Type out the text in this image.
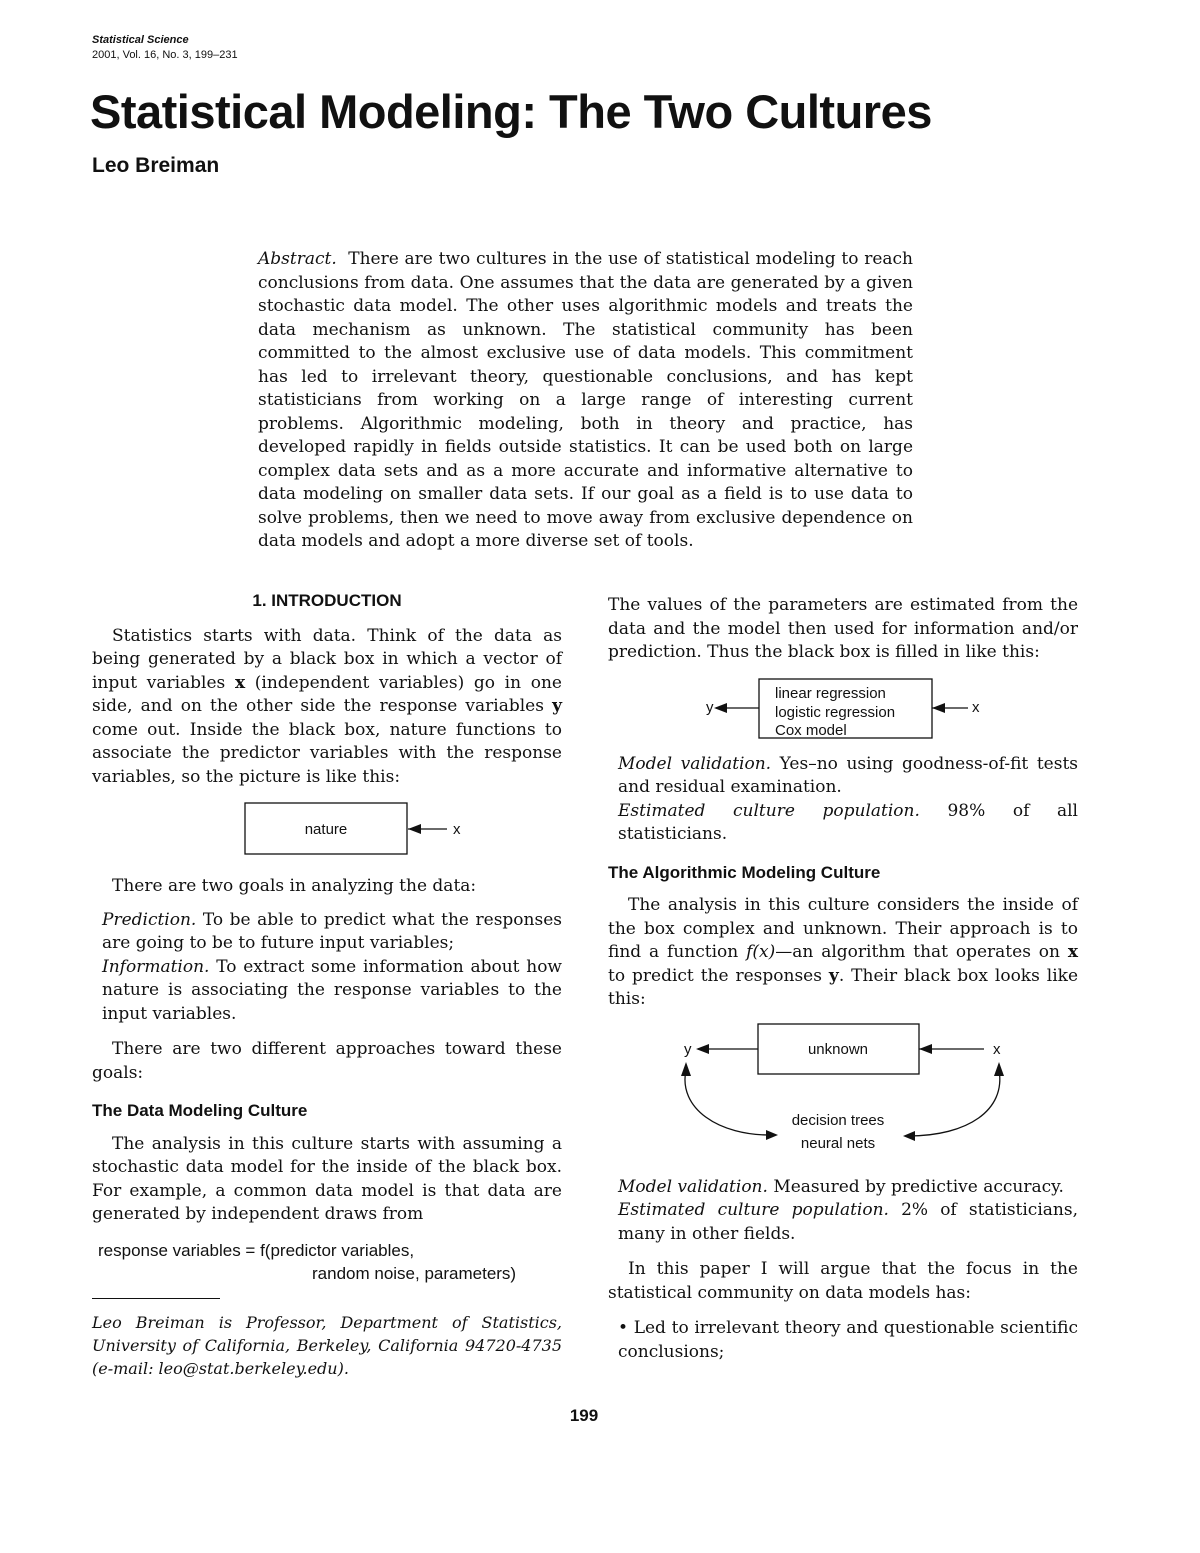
Statistical Science
2001, Vol. 16, No. 3, 199–231
Statistical Modeling: The Two Cultures
Leo Breiman
Abstract. There are two cultures in the use of statistical modeling to reach conclusions from data. One assumes that the data are generated by a given stochastic data model. The other uses algorithmic models and treats the data mechanism as unknown. The statistical community has been committed to the almost exclusive use of data models. This commitment has led to irrelevant theory, questionable conclusions, and has kept statisticians from working on a large range of interesting current problems. Algorithmic modeling, both in theory and practice, has developed rapidly in fields outside statistics. It can be used both on large complex data sets and as a more accurate and informative alternative to data modeling on smaller data sets. If our goal as a field is to use data to solve problems, then we need to move away from exclusive dependence on data models and adopt a more diverse set of tools.
1. INTRODUCTION

Statistics starts with data. Think of the data as being generated by a black box in which a vector of input variables x (independent variables) go in one side, and on the other side the response variables y come out. Inside the black box, nature functions to associate the predictor variables with the response variables, so the picture is like this:

nature	x

There are two goals in analyzing the data:

Prediction. To be able to predict what the responses are going to be to future input variables;

Information. To extract some information about how nature is associating the response variables to the input variables.

There are two different approaches toward these goals:

The Data Modeling Culture

The analysis in this culture starts with assuming a stochastic data model for the inside of the black box. For example, a common data model is that data are generated by independent draws from

response variables = f(predictor variables,
random noise, parameters)
Leo Breiman is Professor, Department of Statistics, University of California, Berkeley, California 94720-4735 (e-mail: leo@stat.berkeley.edu).

The values of the parameters are estimated from the data and the model then used for information and/or prediction. Thus the black box is filled in like this:

y
linear regression
logistic regression
Cox model
x

Model validation. Yes–no using goodness-of-fit tests and residual examination.

Estimated culture population. 98% of all statisticians.

The Algorithmic Modeling Culture

The analysis in this culture considers the inside of the box complex and unknown. Their approach is to find a function f(x)—an algorithm that operates on x to predict the responses y. Their black box looks like this:

y	unknown	x
decision trees
neural nets

Model validation. Measured by predictive accuracy.

Estimated culture population. 2% of statisticians, many in other fields.

In this paper I will argue that the focus in the statistical community on data models has:

• Led to irrelevant theory and questionable scientific conclusions;

199
